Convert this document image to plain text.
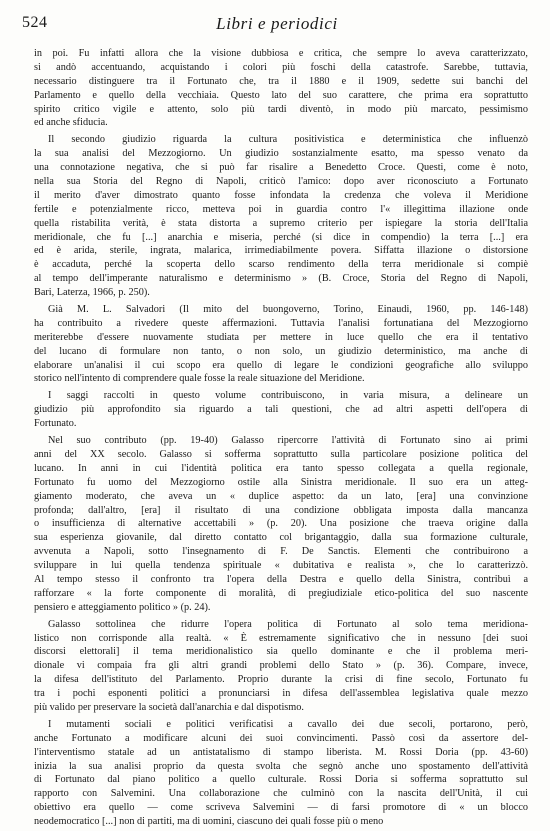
524	Libri e periodici
in poi. Fu infatti allora che la visione dubbiosa e critica, che sempre lo aveva caratterizzato,
si andò accentuando, acquistando i colori più foschi della catastrofe. Sarebbe, tuttavia,
necessario distinguere tra il Fortunato che, tra il 1880 e il 1909, sedette sui banchi del
Parlamento e quello della vecchiaia. Questo lato del suo carattere, che prima era soprattutto
spirito critico vigile e attento, solo più tardi diventò, in modo più marcato, pessimismo
ed anche sfiducia.
Il secondo giudizio riguarda la cultura positivistica e deterministica che influenzò
la sua analisi del Mezzogiorno. Un giudizio sostanzialmente esatto, ma spesso venato da
una connotazione negativa, che si può far risalire a Benedetto Croce. Questi, come è noto,
nella sua Storia del Regno di Napoli, criticò l'amico: dopo aver riconosciuto a Fortunato
il merito d'aver dimostrato quanto fosse infondata la credenza che voleva il Meridione
fertile e potenzialmente ricco, metteva poi in guardia contro l'« illegittima illazione onde
quella ristabilita verità, è stata distorta a supremo criterio per ispiegare la storia dell'Italia
meridionale, che fu [...] anarchia e miseria, perché (si dice in compendio) la terra [...] era
ed è arida, sterile, ingrata, malarica, irrimediabilmente povera. Siffatta illazione o distorsione
è accaduta, perché la scoperta dello scarso rendimento della terra meridionale si compiè
al tempo dell'imperante naturalismo e determinismo » (B. Croce, Storia del Regno di Napoli,
Bari, Laterza, 1966, p. 250).
Già M. L. Salvadori (Il mito del buongoverno, Torino, Einaudi, 1960, pp. 146-148)
ha contribuito a rivedere queste affermazioni. Tuttavia l'analisi fortunatiana del Mezzogiorno
meriterebbe d'essere nuovamente studiata per mettere in luce quello che era il tentativo
del lucano di formulare non tanto, o non solo, un giudizio deterministico, ma anche di
elaborare un'analisi il cui scopo era quello di legare le condizioni geografiche allo sviluppo
storico nell'intento di comprendere quale fosse la reale situazione del Meridione.
I saggi raccolti in questo volume contribuiscono, in varia misura, a delineare un
giudizio più approfondito sia riguardo a tali questioni, che ad altri aspetti dell'opera di
Fortunato.
Nel suo contributo (pp. 19-40) Galasso ripercorre l'attività di Fortunato sino ai primi
anni del XX secolo. Galasso si sofferma soprattutto sulla particolare posizione politica del
lucano. In anni in cui l'identità politica era tanto spesso collegata a quella regionale,
Fortunato fu uomo del Mezzogiorno ostile alla Sinistra meridionale. Il suo era un atteg-
giamento moderato, che aveva un « duplice aspetto: da un lato, [era] una convinzione
profonda; dall'altro, [era] il risultato di una condizione obbligata imposta dalla mancanza
o insufficienza di alternative accettabili » (p. 20). Una posizione che traeva origine dalla
sua esperienza giovanile, dal diretto contatto col brigantaggio, dalla sua formazione culturale,
avvenuta a Napoli, sotto l'insegnamento di F. De Sanctis. Elementi che contribuirono a
sviluppare in lui quella tendenza spirituale « dubitativa e realista », che lo caratterizzò.
Al tempo stesso il confronto tra l'opera della Destra e quello della Sinistra, contribuì a
rafforzare « la forte componente di moralità, di pregiudiziale etico-politica del suo nascente
pensiero e atteggiamento politico » (p. 24).
Galasso sottolinea che ridurre l'opera politica di Fortunato al solo tema meridiona-
listico non corrisponde alla realtà. « È estremamente significativo che in nessuno [dei suoi
discorsi elettorali] il tema meridionalistico sia quello dominante e che il problema meri-
dionale vi compaia fra gli altri grandi problemi dello Stato » (p. 36). Compare, invece,
la difesa dell'istituto del Parlamento. Proprio durante la crisi di fine secolo, Fortunato fu
tra i pochi esponenti politici a pronunciarsi in difesa dell'assemblea legislativa quale mezzo
più valido per preservare la società dall'anarchia e dal dispotismo.
I mutamenti sociali e politici verificatisi a cavallo dei due secoli, portarono, però,
anche Fortunato a modificare alcuni dei suoi convincimenti. Passò così da assertore del-
l'interventismo statale ad un antistatalismo di stampo liberista. M. Rossi Doria (pp. 43-60)
inizia la sua analisi proprio da questa svolta che segnò anche uno spostamento dell'attività
di Fortunato dal piano politico a quello culturale. Rossi Doria si sofferma soprattutto sul
rapporto con Salvemini. Una collaborazione che culminò con la nascita dell'Unità, il cui
obiettivo era quello — come scriveva Salvemini — di farsi promotore di « un blocco
neodemocratico [...] non di partiti, ma di uomini, ciascuno dei quali fosse più o meno
